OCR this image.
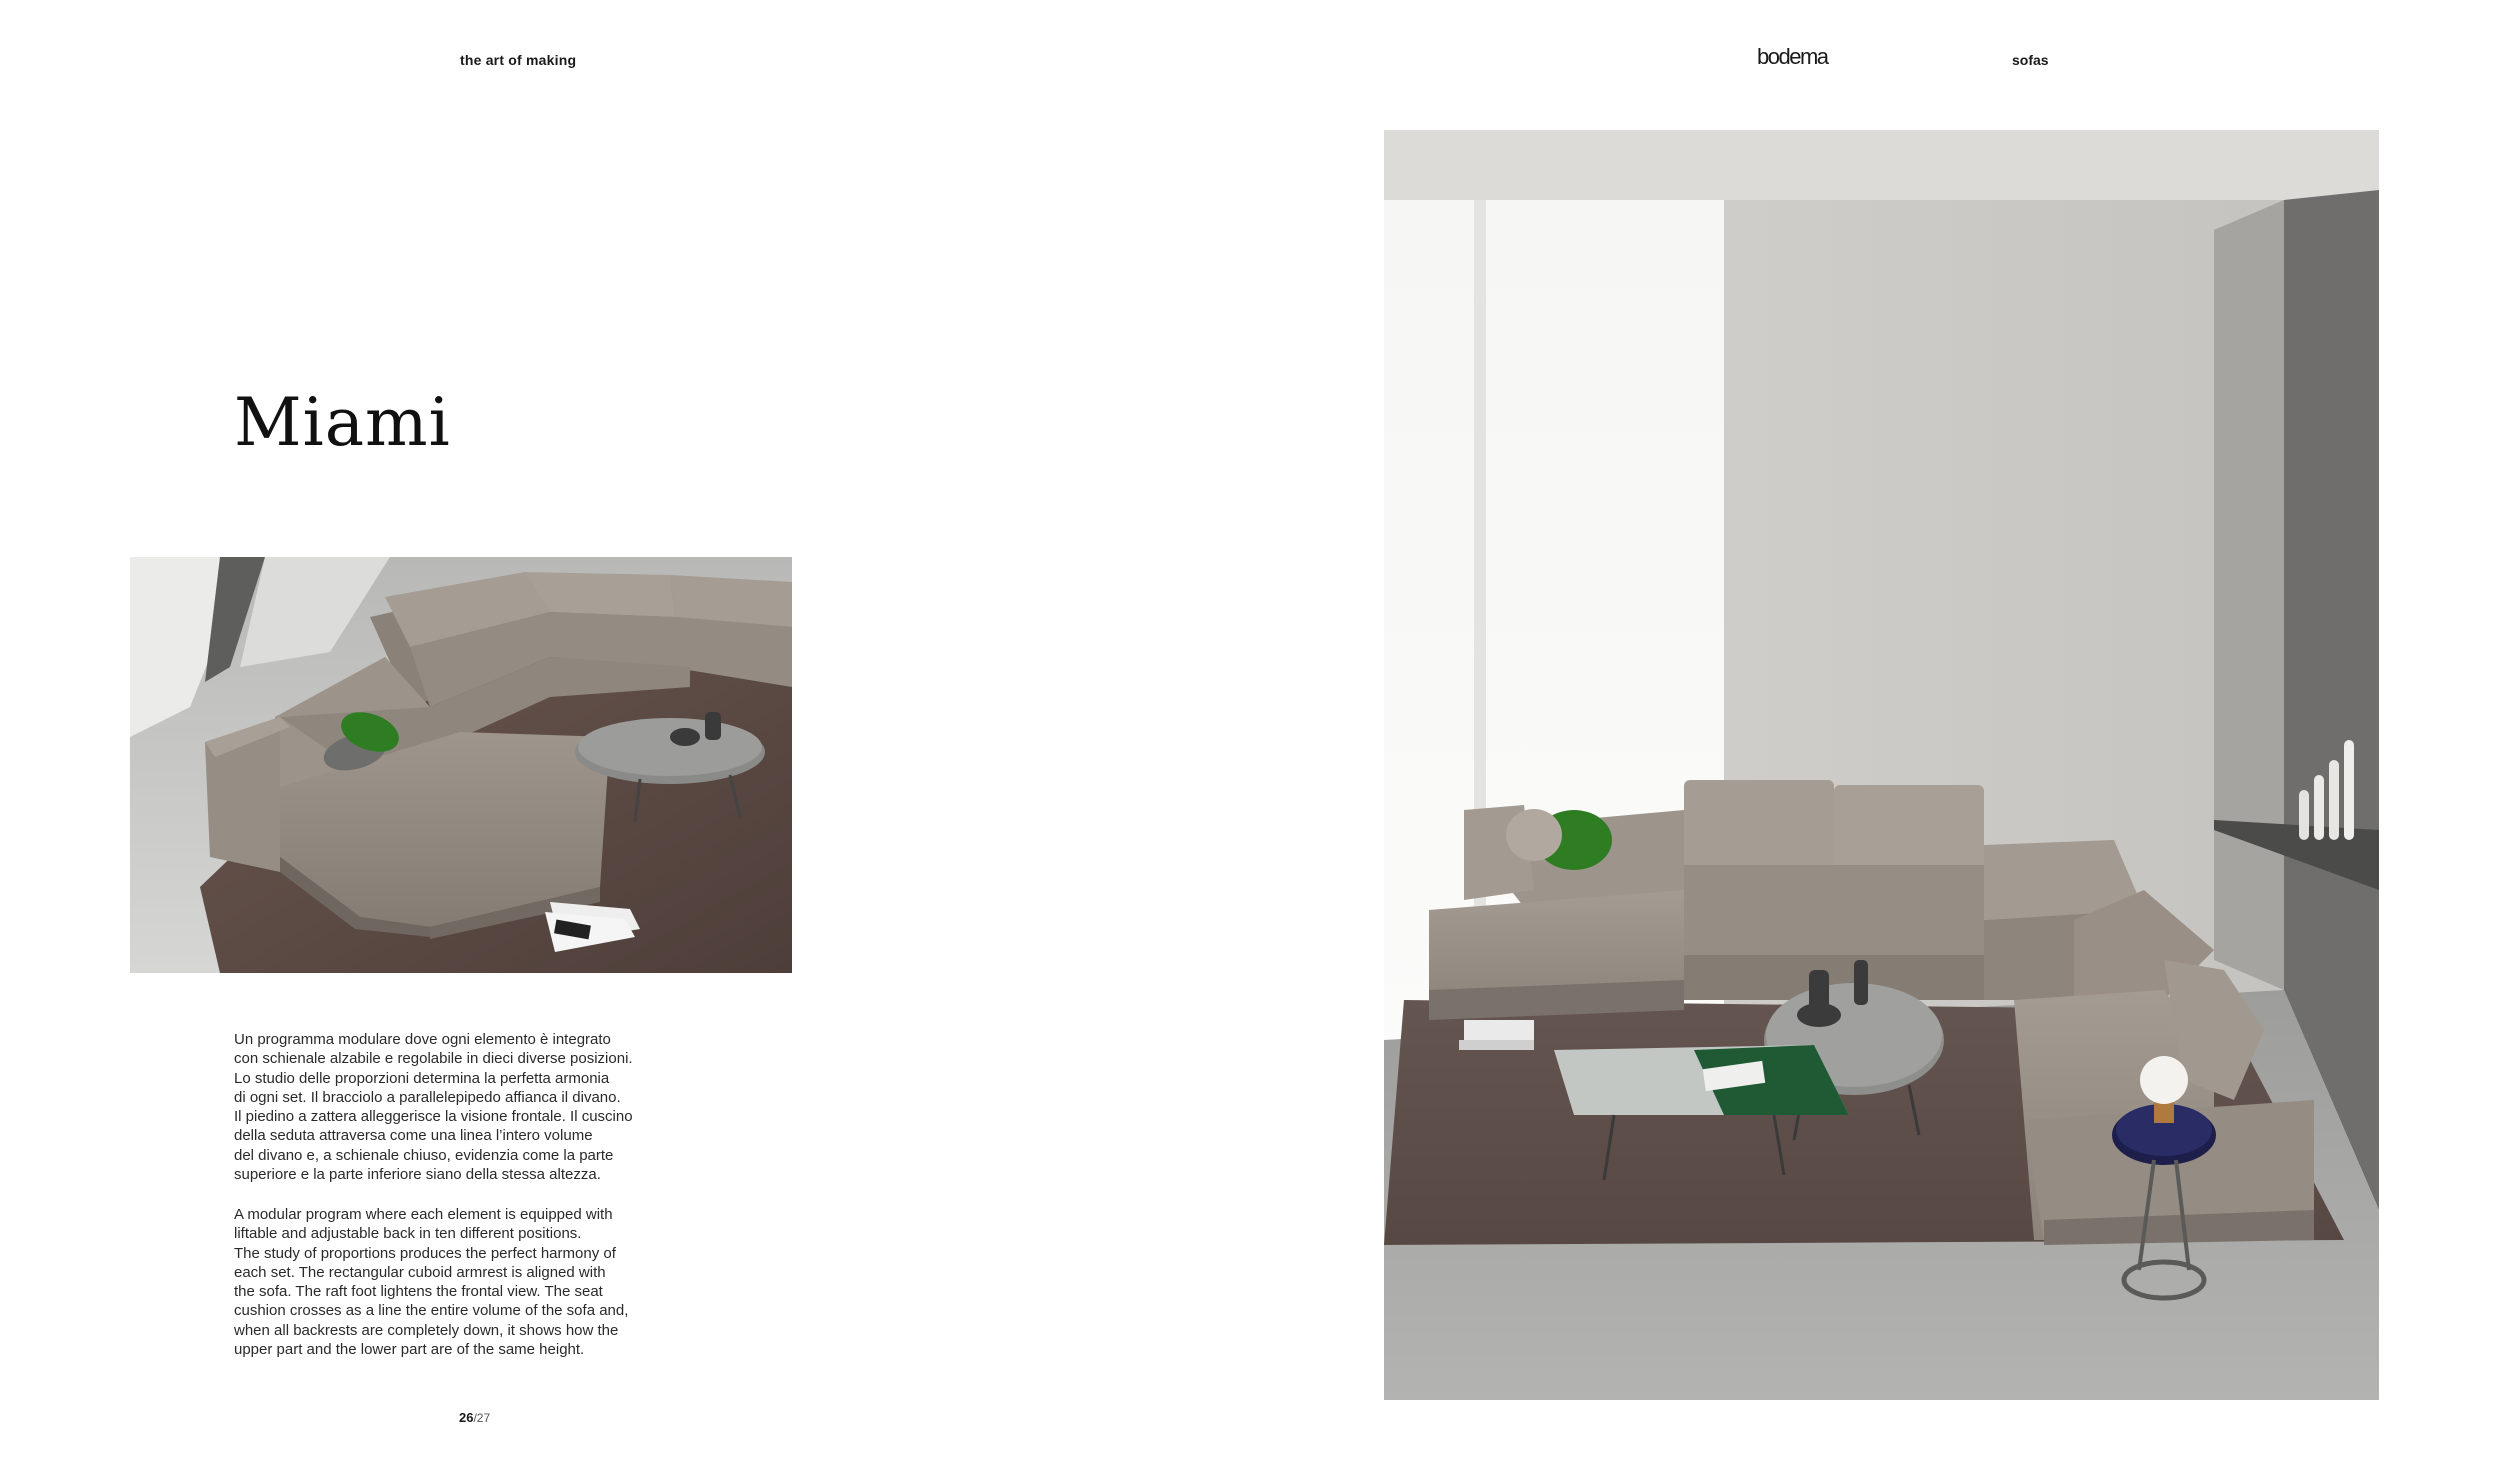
the art of making	bodema	sofas
Miami
Un programma modulare dove ogni elemento è integrato
con schienale alzabile e regolabile in dieci diverse posizioni.
Lo studio delle proporzioni determina la perfetta armonia
di ogni set. Il bracciolo a parallelepipedo affianca il divano.
Il piedino a zattera alleggerisce la visione frontale. Il cuscino
della seduta attraversa come una linea l’intero volume
del divano e, a schienale chiuso, evidenzia come la parte
superiore e la parte inferiore siano della stessa altezza.
A modular program where each element is equipped with
liftable and adjustable back in ten different positions.
The study of proportions produces the perfect harmony of
each set. The rectangular cuboid armrest is aligned with
the sofa. The raft foot lightens the frontal view. The seat
cushion crosses as a line the entire volume of the sofa and,
when all backrests are completely down, it shows how the
upper part and the lower part are of the same height.
26/27
